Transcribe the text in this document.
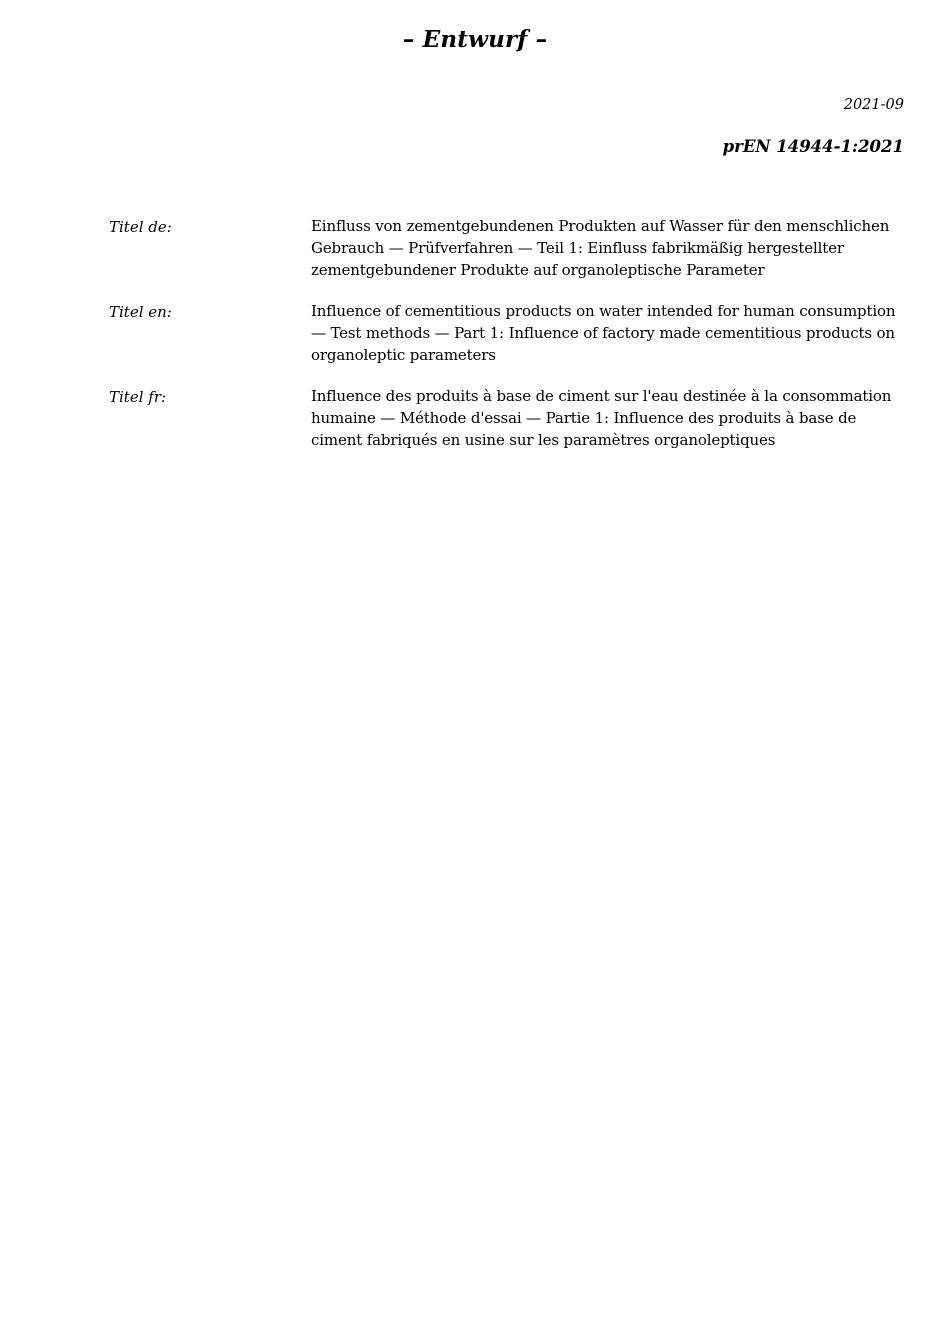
– Entwurf –
2021-09
prEN 14944-1:2021
Titel de:	Einfluss von zementgebundenen Produkten auf Wasser für den menschlichen Gebrauch — Prüfverfahren — Teil 1: Einfluss fabrikmäßig hergestellter zementgebundener Produkte auf organoleptische Parameter
Titel en:	Influence of cementitious products on water intended for human consumption — Test methods — Part 1: Influence of factory made cementitious products on organoleptic parameters
Titel fr:	Influence des produits à base de ciment sur l'eau destinée à la consommation humaine — Méthode d'essai — Partie 1: Influence des produits à base de ciment fabriqués en usine sur les paramètres organoleptiques
